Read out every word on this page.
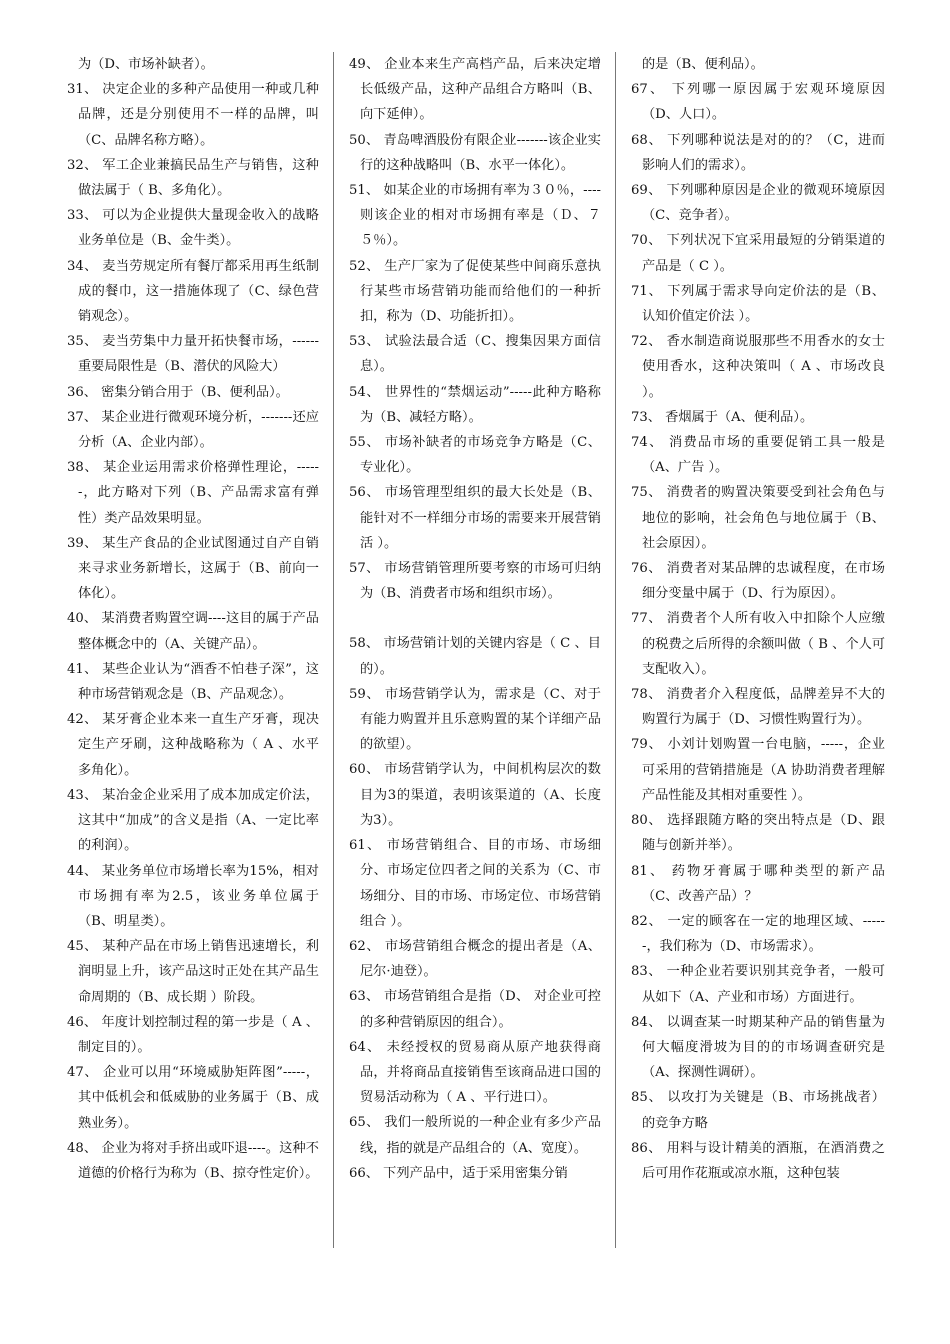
为（D、市场补缺者）。

31、 决定企业的多种产品使用一种或几种品牌，还是分别使用不一样的品牌，叫（C、品牌名称方略）。

32、 军工企业兼搞民品生产与销售，这种做法属于（ B、多角化）。

33、 可以为企业提供大量现金收入的战略业务单位是（B、金牛类）。

34、 麦当劳规定所有餐厅都采用再生纸制成的餐巾，这一措施体现了（C、绿色营销观念）。

35、 麦当劳集中力量开拓快餐市场，------重要局限性是（B、潜伏的风险大）

36、 密集分销合用于（B、便利品）。

37、 某企业进行微观环境分析，-------还应分析（A、企业内部）。

38、 某企业运用需求价格弹性理论，------，此方略对下列（B、产品需求富有弹性）类产品效果明显。

39、 某生产食品的企业试图通过自产自销来寻求业务新增长，这属于（B、前向一体化）。

40、 某消费者购置空调----这目的属于产品整体概念中的（A、关键产品）。

41、 某些企业认为“酒香不怕巷子深”，这种市场营销观念是（B、产品观念）。

42、 某牙膏企业本来一直生产牙膏，现决定生产牙刷，这种战略称为（ A 、水平多角化）。

43、 某冶金企业采用了成本加成定价法，这其中“加成”的含义是指（A、一定比率的利润）。

44、 某业务单位市场增长率为15%，相对市场拥有率为2.5，该业务单位属于 （B、明星类）。

45、 某种产品在市场上销售迅速增长，利润明显上升，该产品这时正处在其产品生命周期的（B、成长期 ）阶段。

46、 年度计划控制过程的第一步是（ A 、制定目的）。

47、 企业可以用“环境威胁矩阵图”-----，其中低机会和低威胁的业务属于（B、成熟业务）。

48、 企业为将对手挤出或吓退----。这种不道德的价格行为称为（B、掠夺性定价）。

49、 企业本来生产高档产品，后来决定增长低级产品，这种产品组合方略叫（B、向下延伸）。

50、 青岛啤酒股份有限企业-------该企业实行的这种战略叫（B、水平一体化）。

51、 如某企业的市场拥有率为３０％，----则该企业的相对市场拥有率是（Ｄ、７５％）。

52、 生产厂家为了促使某些中间商乐意执行某些市场营销功能而给他们的一种折扣，称为（D、功能折扣）。

53、 试验法最合适（C、搜集因果方面信息）。

54、 世界性的“禁烟运动”-----此种方略称为（B、减轻方略）。

55、 市场补缺者的市场竞争方略是（C、专业化）。

56、 市场管理型组织的最大长处是（B、能针对不一样细分市场的需要来开展营销活 ）。

57、 市场营销管理所要考察的市场可归纳为（B、消费者市场和组织市场）。

58、 市场营销计划的关键内容是（ C 、目的）。

59、 市场营销学认为，需求是（C、对于有能力购置并且乐意购置的某个详细产品的欲望）。

60、 市场营销学认为，中间机构层次的数目为3的渠道，表明该渠道的（A、长度为3）。

61、 市场营销组合、目的市场、市场细分、市场定位四者之间的关系为（C、市场细分、目的市场、市场定位、市场营销组合 ）。

62、 市场营销组合概念的提出者是（A、尼尔·迪登）。

63、 市场营销组合是指（D、 对企业可控的多种营销原因的组合）。

64、 未经授权的贸易商从原产地获得商品，并将商品直接销售至该商品进口国的贸易活动称为（ A 、平行进口）。

65、 我们一般所说的一种企业有多少产品线，指的就是产品组合的（A、宽度）。

66、 下列产品中，适于采用密集分销

的是（B、便利品）。

67、 下列哪一原因属于宏观环境原因（D、人口）。

68、 下列哪种说法是对的的？（C，进而影响人们的需求）。

69、 下列哪种原因是企业的微观环境原因（C、竞争者）。

70、 下列状况下宜采用最短的分销渠道的产品是（ C ）。

71、 下列属于需求导向定价法的是（B、认知价值定价法 ）。

72、 香水制造商说服那些不用香水的女士使用香水，这种决策叫（ A 、市场改良 ）。

73、 香烟属于（A、便利品）。

74、 消费品市场的重要促销工具一般是（A、广告 ）。

75、 消费者的购置决策要受到社会角色与地位的影响，社会角色与地位属于（B、社会原因）。

76、 消费者对某品牌的忠诚程度，在市场细分变量中属于（D、行为原因）。

77、 消费者个人所有收入中扣除个人应缴的税费之后所得的余额叫做（ B 、个人可支配收入）。

78、 消费者介入程度低，品牌差异不大的购置行为属于（D、习惯性购置行为）。

79、 小刘计划购置一台电脑，-----，企业可采用的营销措施是（A 协助消费者理解产品性能及其相对重要性 ）。

80、 选择跟随方略的突出特点是（D、跟随与创新并举）。

81、 药物牙膏属于哪种类型的新产品（C、改善产品）？

82、 一定的顾客在一定的地理区域、------，我们称为（D、市场需求）。

83、 一种企业若要识别其竞争者，一般可从如下（A、产业和市场）方面进行。

84、 以调查某一时期某种产品的销售量为何大幅度滑坡为目的的市场调查研究是（A、探测性调研）。

85、 以攻打为关键是（B、市场挑战者）的竞争方略

86、 用料与设计精美的酒瓶，在酒消费之后可用作花瓶或凉水瓶，这种包装
